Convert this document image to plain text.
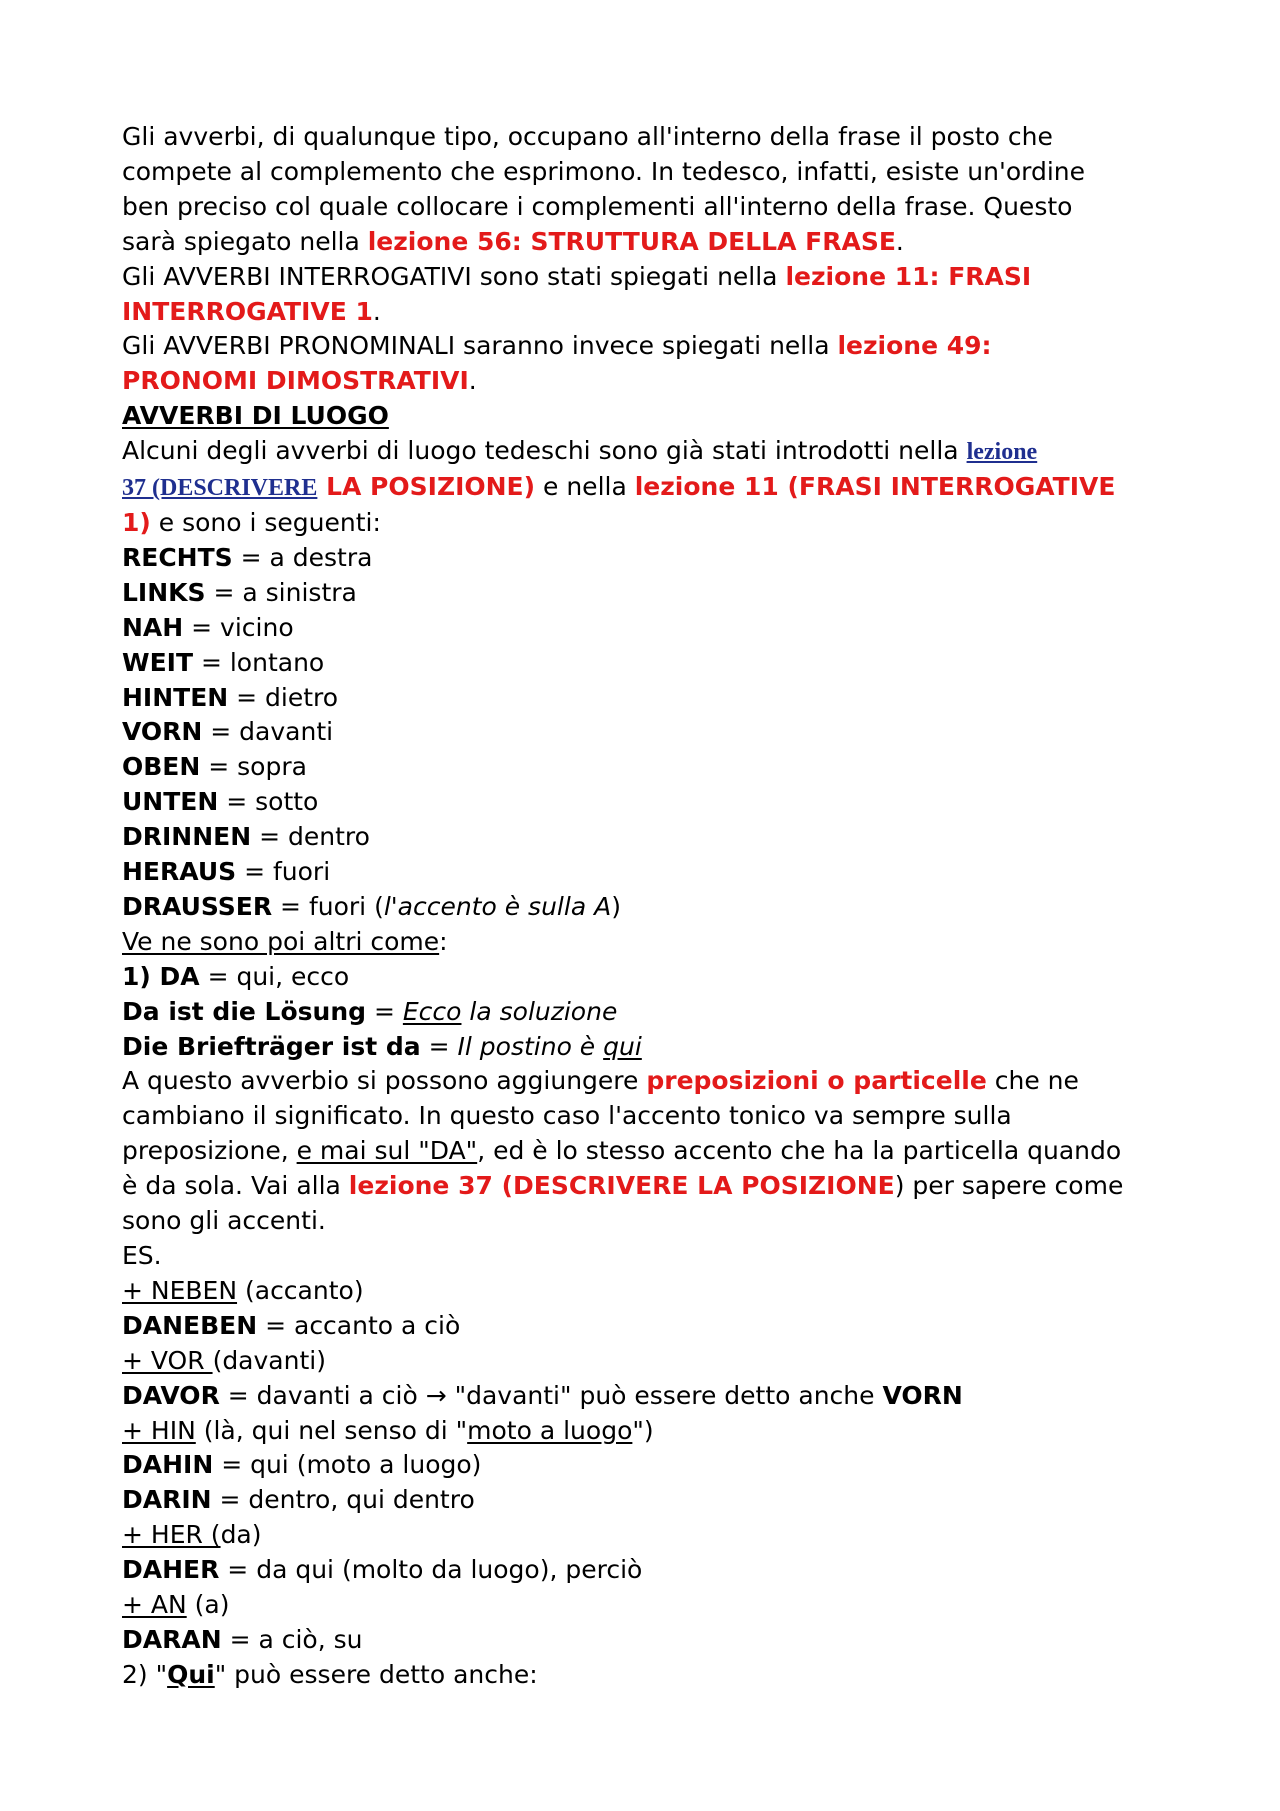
Gli avverbi, di qualunque tipo, occupano all'interno della frase il posto che
compete al complemento che esprimono. In tedesco, infatti, esiste un'ordine
ben preciso col quale collocare i complementi all'interno della frase. Questo
sarà spiegato nella lezione 56: STRUTTURA DELLA FRASE.
Gli AVVERBI INTERROGATIVI sono stati spiegati nella lezione 11: FRASI
INTERROGATIVE 1.
Gli AVVERBI PRONOMINALI saranno invece spiegati nella lezione 49:
PRONOMI DIMOSTRATIVI.
AVVERBI DI LUOGO
Alcuni degli avverbi di luogo tedeschi sono già stati introdotti nella lezione
37 (DESCRIVERE LA POSIZIONE) e nella lezione 11 (FRASI INTERROGATIVE
1) e sono i seguenti:
RECHTS = a destra
LINKS = a sinistra
NAH = vicino
WEIT = lontano
HINTEN = dietro
VORN = davanti
OBEN = sopra
UNTEN = sotto
DRINNEN = dentro
HERAUS = fuori
DRAUSSER = fuori (l'accento è sulla A)
Ve ne sono poi altri come:
1) DA = qui, ecco
Da ist die Lösung = Ecco la soluzione
Die Briefträger ist da = Il postino è qui
A questo avverbio si possono aggiungere preposizioni o particelle che ne
cambiano il significato. In questo caso l'accento tonico va sempre sulla
preposizione, e mai sul "DA", ed è lo stesso accento che ha la particella quando
è da sola. Vai alla lezione 37 (DESCRIVERE LA POSIZIONE) per sapere come
sono gli accenti.
ES.
+ NEBEN (accanto)
DANEBEN = accanto a ciò
+ VOR (davanti)
DAVOR = davanti a ciò → "davanti" può essere detto anche VORN
+ HIN (là, qui nel senso di "moto a luogo")
DAHIN = qui (moto a luogo)
DARIN = dentro, qui dentro
+ HER (da)
DAHER = da qui (molto da luogo), perciò
+ AN (a)
DARAN = a ciò, su
2) "Qui" può essere detto anche:
